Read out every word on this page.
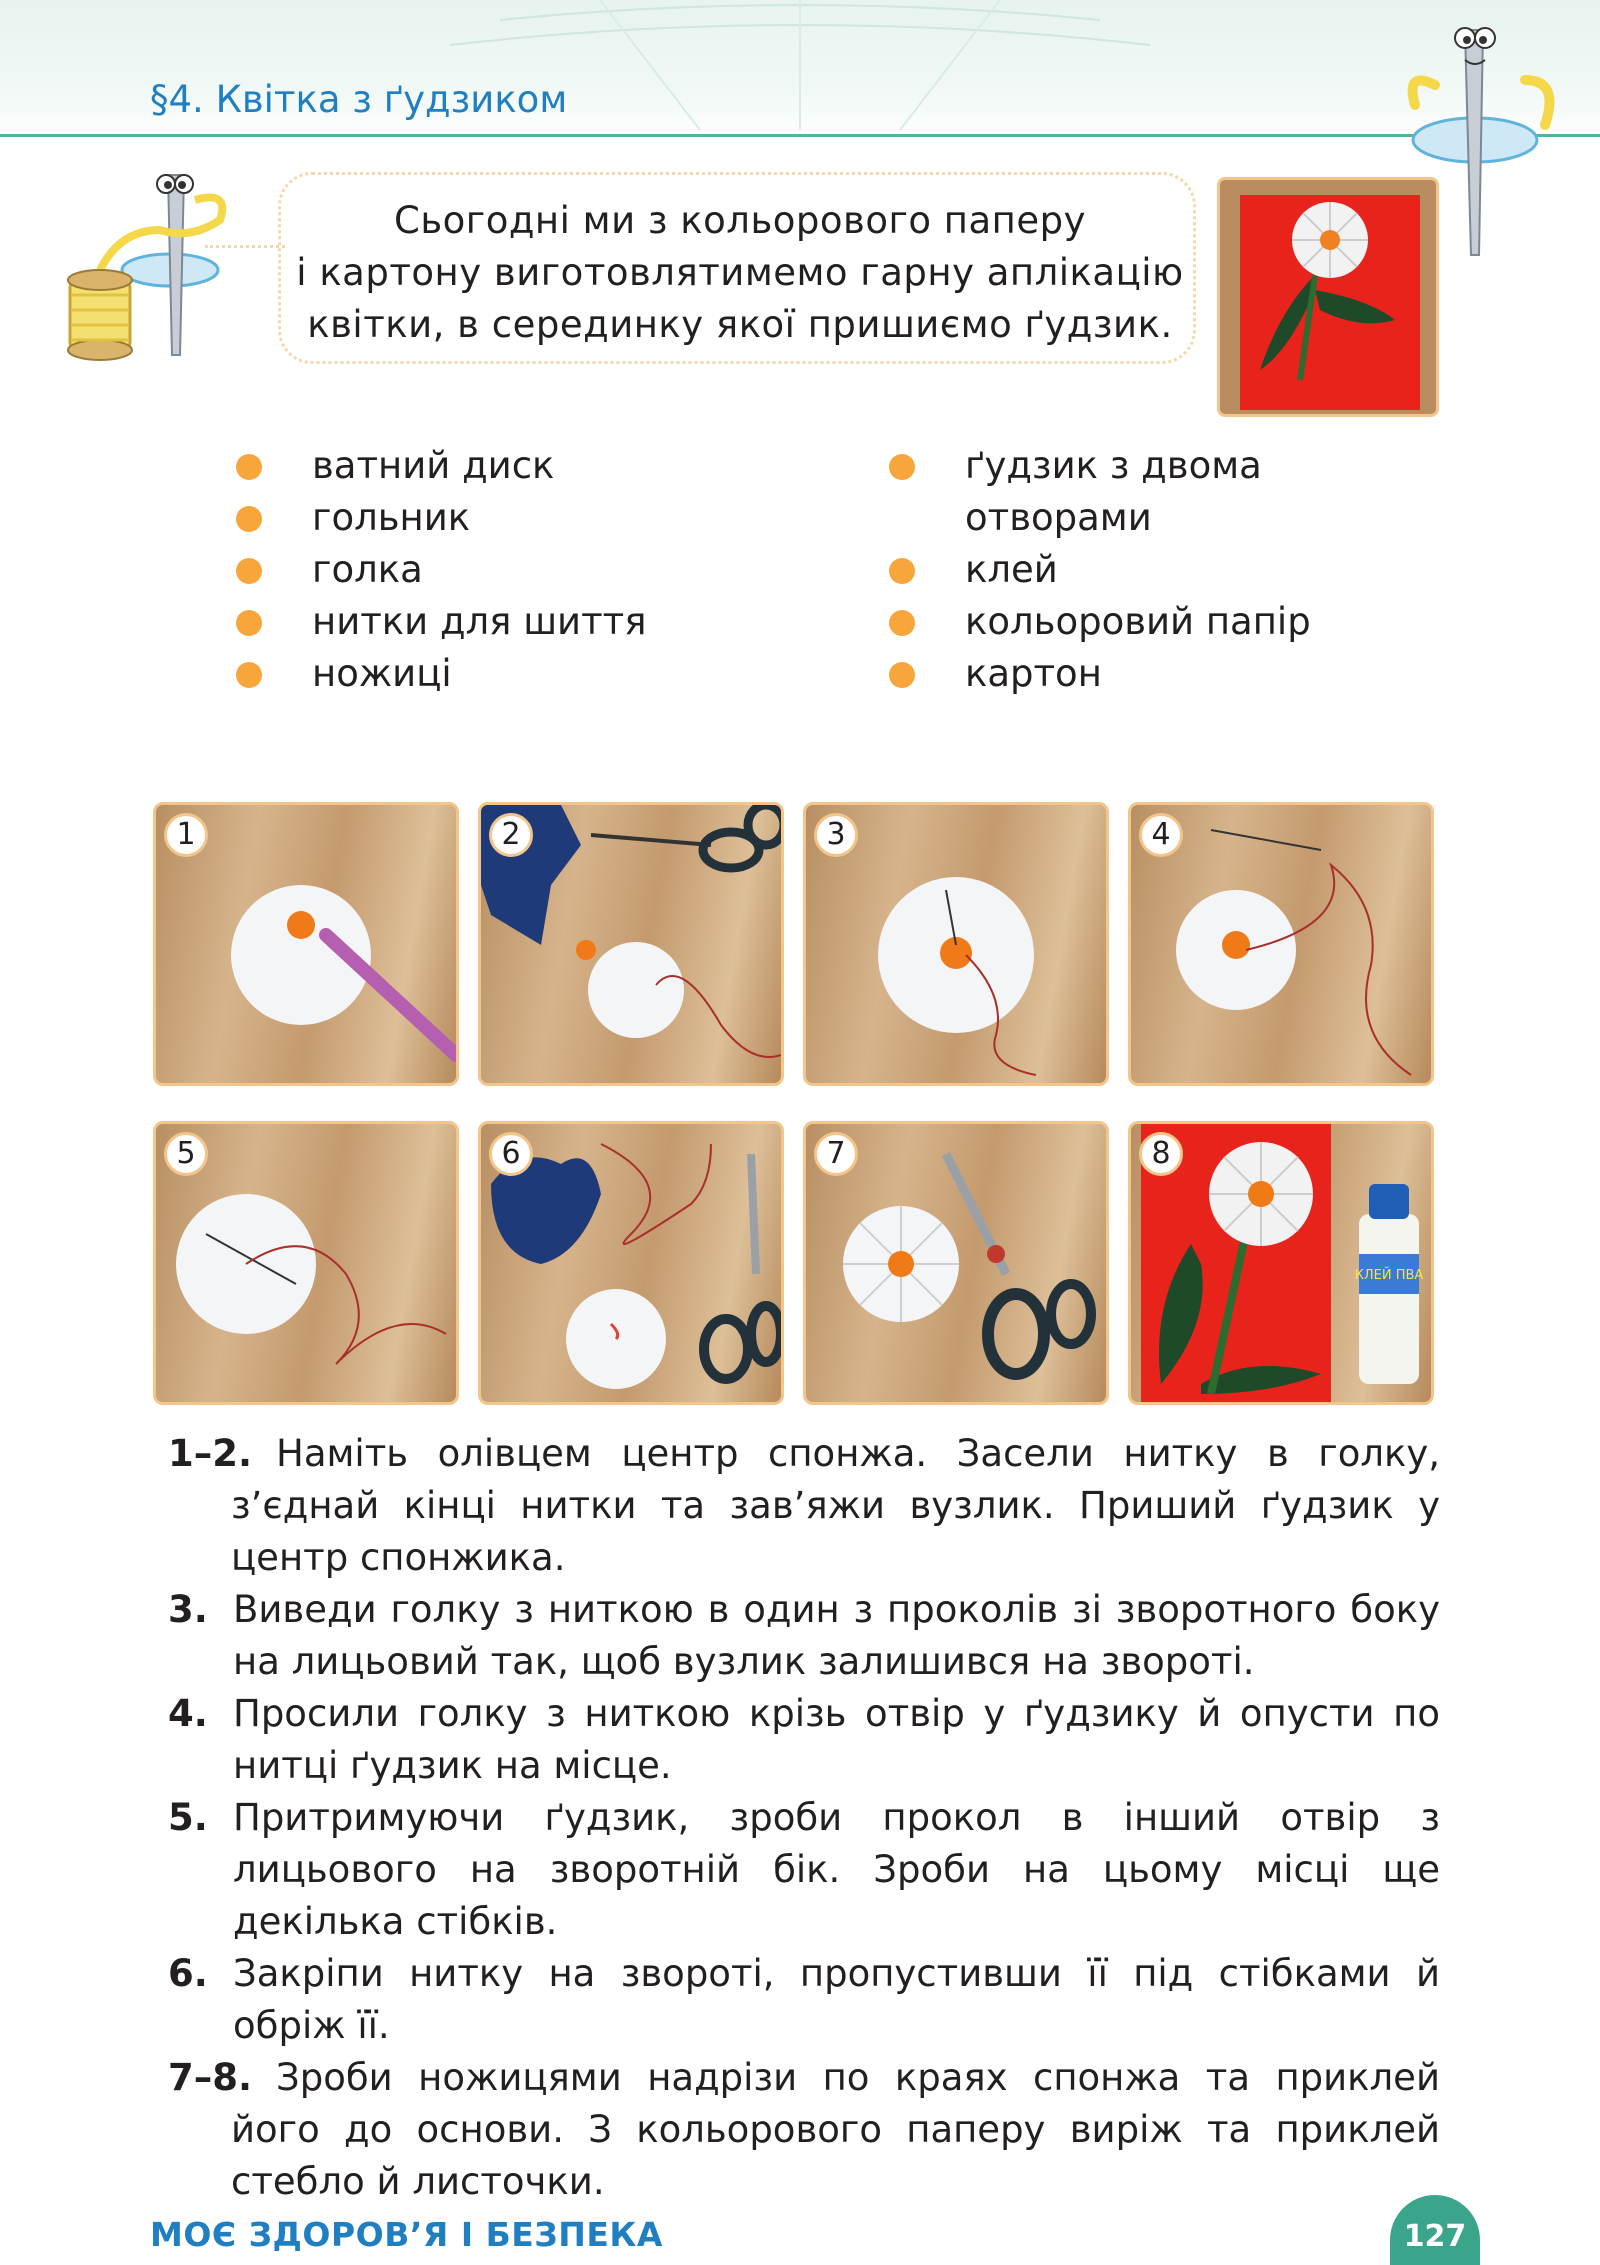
§4. Квітка з ґудзиком
Сьогодні ми з кольорового паперу
і картону виготовлятимемо гарну аплікацію
квітки, в серединку якої пришиємо ґудзик.
ватний диск
гольник
голка
нитки для шиття
ножиці
ґудзик з двома
отворами
клей
кольоровий папір
картон
1	2	3	4
5	6	7	8
КЛЕЙ ПВА
1–2. Наміть олівцем центр спонжа. Засели нитку в голку, з’єднай кінці нитки та зав’яжи вузлик. Приший ґудзик у центр спонжика.
3. Виведи голку з ниткою в один з проколів зі зворотного боку на лицьовий так, щоб вузлик залишився на звороті.
4. Просили голку з ниткою крізь отвір у ґудзику й опусти по нитці ґудзик на місце.
5. Притримуючи ґудзик, зроби прокол в інший отвір з лицьового на зворотній бік. Зроби на цьому місці ще декілька стібків.
6. Закріпи нитку на звороті, пропустивши її під стібками й обріж її.
7–8. Зроби ножицями надрізи по краях спонжа та приклей його до основи. З кольорового паперу виріж та приклей стебло й листочки.
МОЄ ЗДОРОВ’Я І БЕЗПЕКА	127
